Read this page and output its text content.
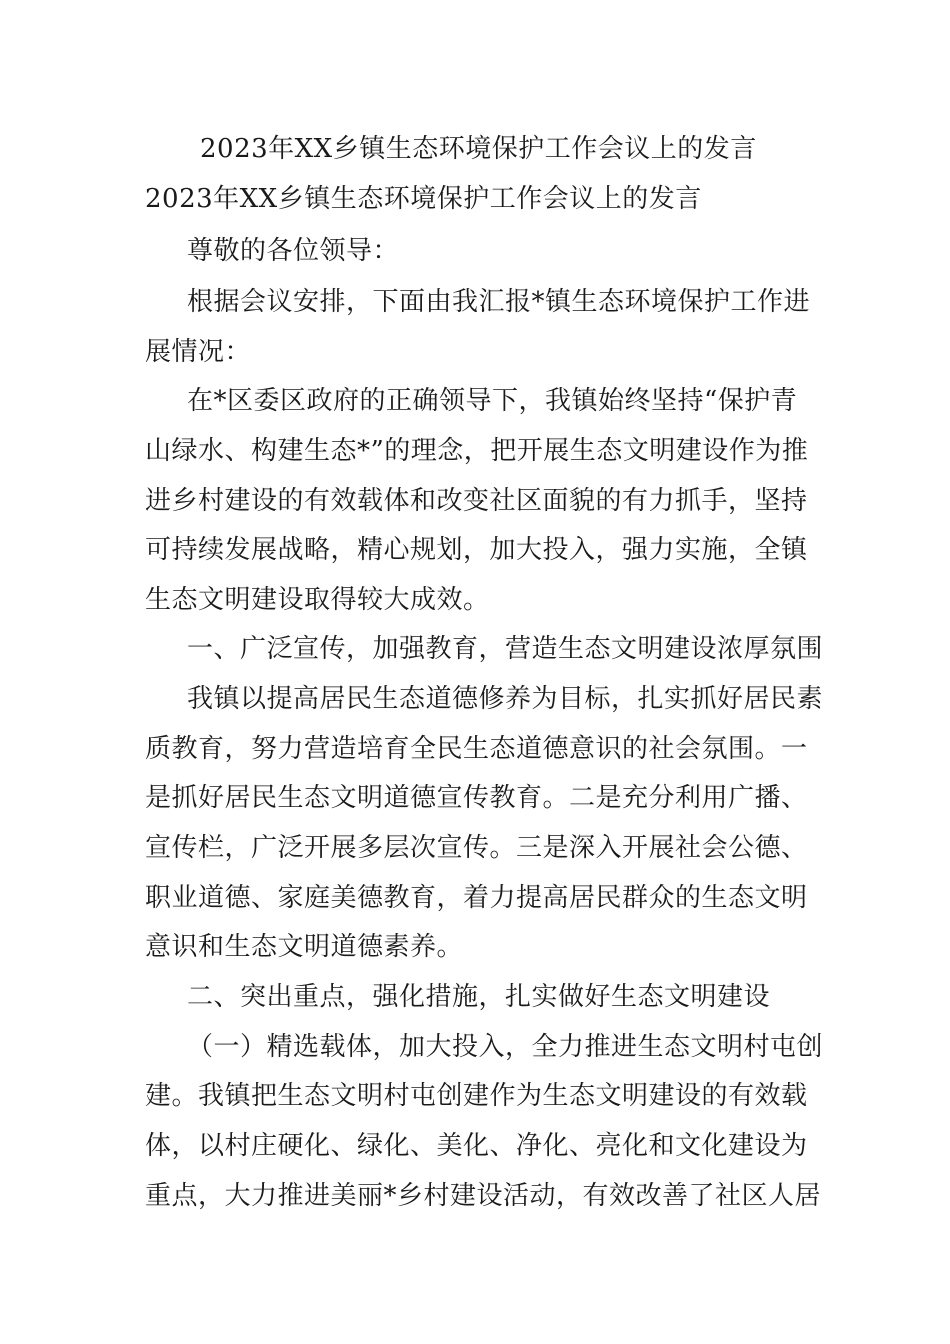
2023年XX乡镇生态环境保护工作会议上的发言
2023年XX乡镇生态环境保护工作会议上的发言
尊敬的各位领导：
根据会议安排，下面由我汇报*镇生态环境保护工作进
展情况：
在*区委区政府的正确领导下，我镇始终坚持“保护青
山绿水、构建生态*”的理念，把开展生态文明建设作为推
进乡村建设的有效载体和改变社区面貌的有力抓手，坚持
可持续发展战略，精心规划，加大投入，强力实施，全镇
生态文明建设取得较大成效。
一、广泛宣传，加强教育，营造生态文明建设浓厚氛围
我镇以提高居民生态道德修养为目标，扎实抓好居民素
质教育，努力营造培育全民生态道德意识的社会氛围。一
是抓好居民生态文明道德宣传教育。二是充分利用广播、
宣传栏，广泛开展多层次宣传。三是深入开展社会公德、
职业道德、家庭美德教育，着力提高居民群众的生态文明
意识和生态文明道德素养。
二、突出重点，强化措施，扎实做好生态文明建设
（一）精选载体，加大投入，全力推进生态文明村屯创
建。我镇把生态文明村屯创建作为生态文明建设的有效载
体，以村庄硬化、绿化、美化、净化、亮化和文化建设为
重点，大力推进美丽*乡村建设活动，有效改善了社区人居
